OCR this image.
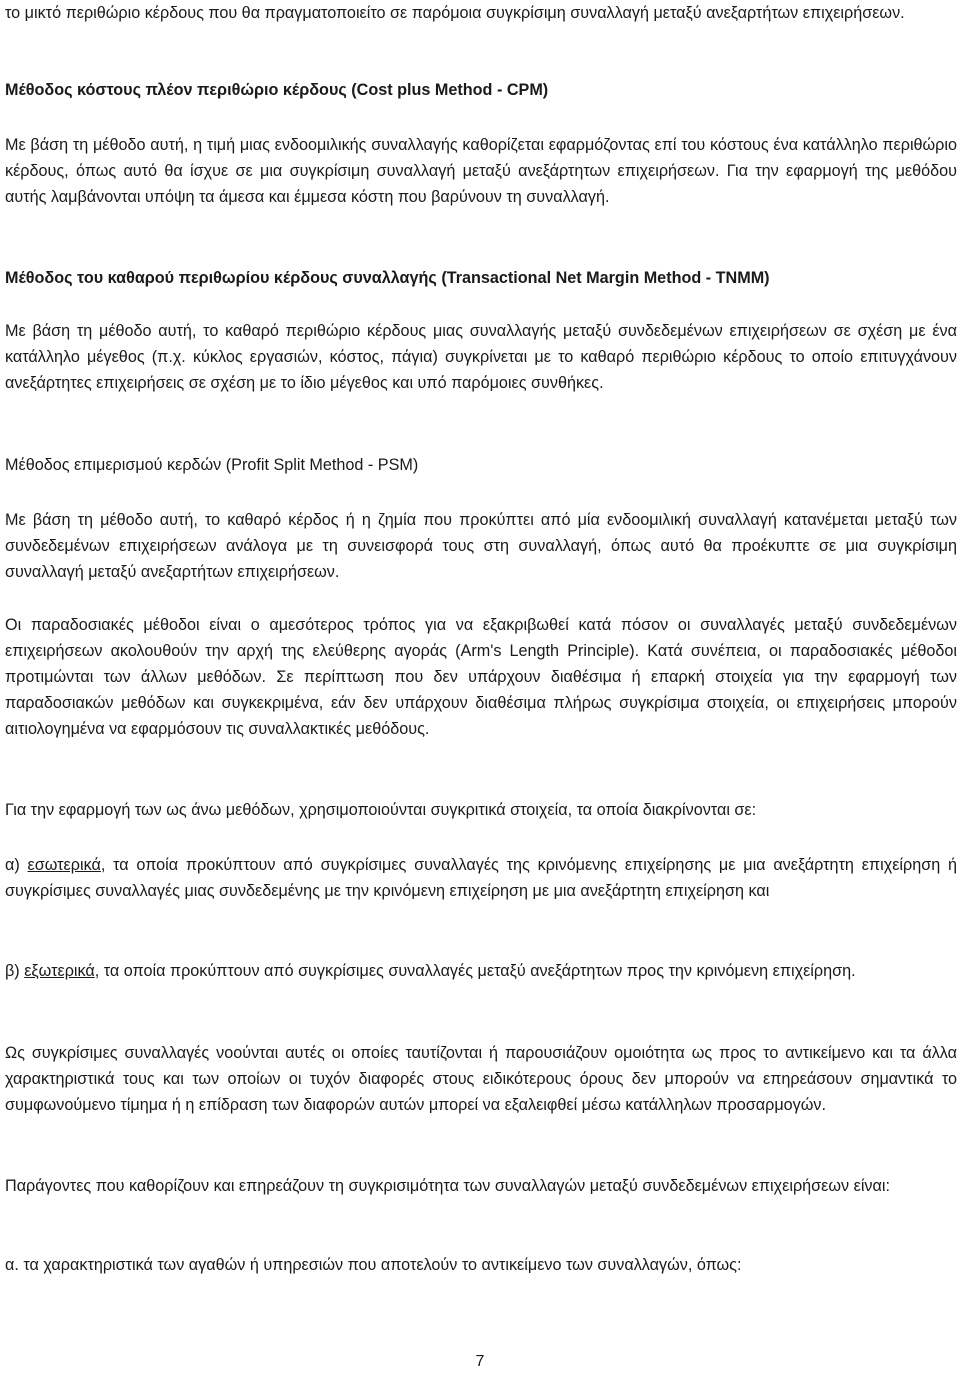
το μικτό περιθώριο κέρδους που θα πραγματοποιείτο σε παρόμοια συγκρίσιμη συναλλαγή μεταξύ ανεξαρτήτων επιχειρήσεων.

Μέθοδος κόστους πλέον περιθώριο κέρδους (Cost plus Method - CPM)

Με βάση τη μέθοδο αυτή, η τιμή μιας ενδοομιλικής συναλλαγής καθορίζεται εφαρμόζοντας επί του κόστους ένα κατάλληλο περιθώριο κέρδους, όπως αυτό θα ίσχυε σε μια συγκρίσιμη συναλλαγή μεταξύ ανεξάρτητων επιχειρήσεων. Για την εφαρμογή της μεθόδου αυτής λαμβάνονται υπόψη τα άμεσα και έμμεσα κόστη που βαρύνουν τη συναλλαγή.

Μέθοδος του καθαρού περιθωρίου κέρδους συναλλαγής (Transactional Net Margin Method - TNMM)

Με βάση τη μέθοδο αυτή, το καθαρό περιθώριο κέρδους μιας συναλλαγής μεταξύ συνδεδεμένων επιχειρήσεων σε σχέση με ένα κατάλληλο μέγεθος (π.χ. κύκλος εργασιών, κόστος, πάγια) συγκρίνεται με το καθαρό περιθώριο κέρδους το οποίο επιτυγχάνουν ανεξάρτητες επιχειρήσεις σε σχέση με το ίδιο μέγεθος και υπό παρόμοιες συνθήκες.

Μέθοδος επιμερισμού κερδών (Profit Split Method - PSM)

Με βάση τη μέθοδο αυτή, το καθαρό κέρδος ή η ζημία που προκύπτει από μία ενδοομιλική συναλλαγή κατανέμεται μεταξύ των συνδεδεμένων επιχειρήσεων ανάλογα με τη συνεισφορά τους στη συναλλαγή, όπως αυτό θα προέκυπτε σε μια συγκρίσιμη συναλλαγή μεταξύ ανεξαρτήτων επιχειρήσεων.

Οι παραδοσιακές μέθοδοι είναι ο αμεσότερος τρόπος για να εξακριβωθεί κατά πόσον οι συναλλαγές μεταξύ συνδεδεμένων επιχειρήσεων ακολουθούν την αρχή της ελεύθερης αγοράς (Arm's Length Principle). Κατά συνέπεια, οι παραδοσιακές μέθοδοι προτιμώνται των άλλων μεθόδων. Σε περίπτωση που δεν υπάρχουν διαθέσιμα ή επαρκή στοιχεία για την εφαρμογή των παραδοσιακών μεθόδων και συγκεκριμένα, εάν δεν υπάρχουν διαθέσιμα πλήρως συγκρίσιμα στοιχεία, οι επιχειρήσεις μπορούν αιτιολογημένα να εφαρμόσουν τις συναλλακτικές μεθόδους.

Για την εφαρμογή των ως άνω μεθόδων, χρησιμοποιούνται συγκριτικά στοιχεία, τα οποία διακρίνονται σε:

α) εσωτερικά, τα οποία προκύπτουν από συγκρίσιμες συναλλαγές της κρινόμενης επιχείρησης με μια ανεξάρτητη επιχείρηση ή συγκρίσιμες συναλλαγές μιας συνδεδεμένης με την κρινόμενη επιχείρηση με μια ανεξάρτητη επιχείρηση και

β) εξωτερικά, τα οποία προκύπτουν από συγκρίσιμες συναλλαγές μεταξύ ανεξάρτητων προς την κρινόμενη επιχείρηση.

Ως συγκρίσιμες συναλλαγές νοούνται αυτές οι οποίες ταυτίζονται ή παρουσιάζουν ομοιότητα ως προς το αντικείμενο και τα άλλα χαρακτηριστικά τους και των οποίων οι τυχόν διαφορές στους ειδικότερους όρους δεν μπορούν να επηρεάσουν σημαντικά το συμφωνούμενο τίμημα ή η επίδραση των διαφορών αυτών μπορεί να εξαλειφθεί μέσω κατάλληλων προσαρμογών.

Παράγοντες που καθορίζουν και επηρεάζουν τη συγκρισιμότητα των συναλλαγών μεταξύ συνδεδεμένων επιχειρήσεων είναι:

α. τα χαρακτηριστικά των αγαθών ή υπηρεσιών που αποτελούν το αντικείμενο των συναλλαγών, όπως:

7
